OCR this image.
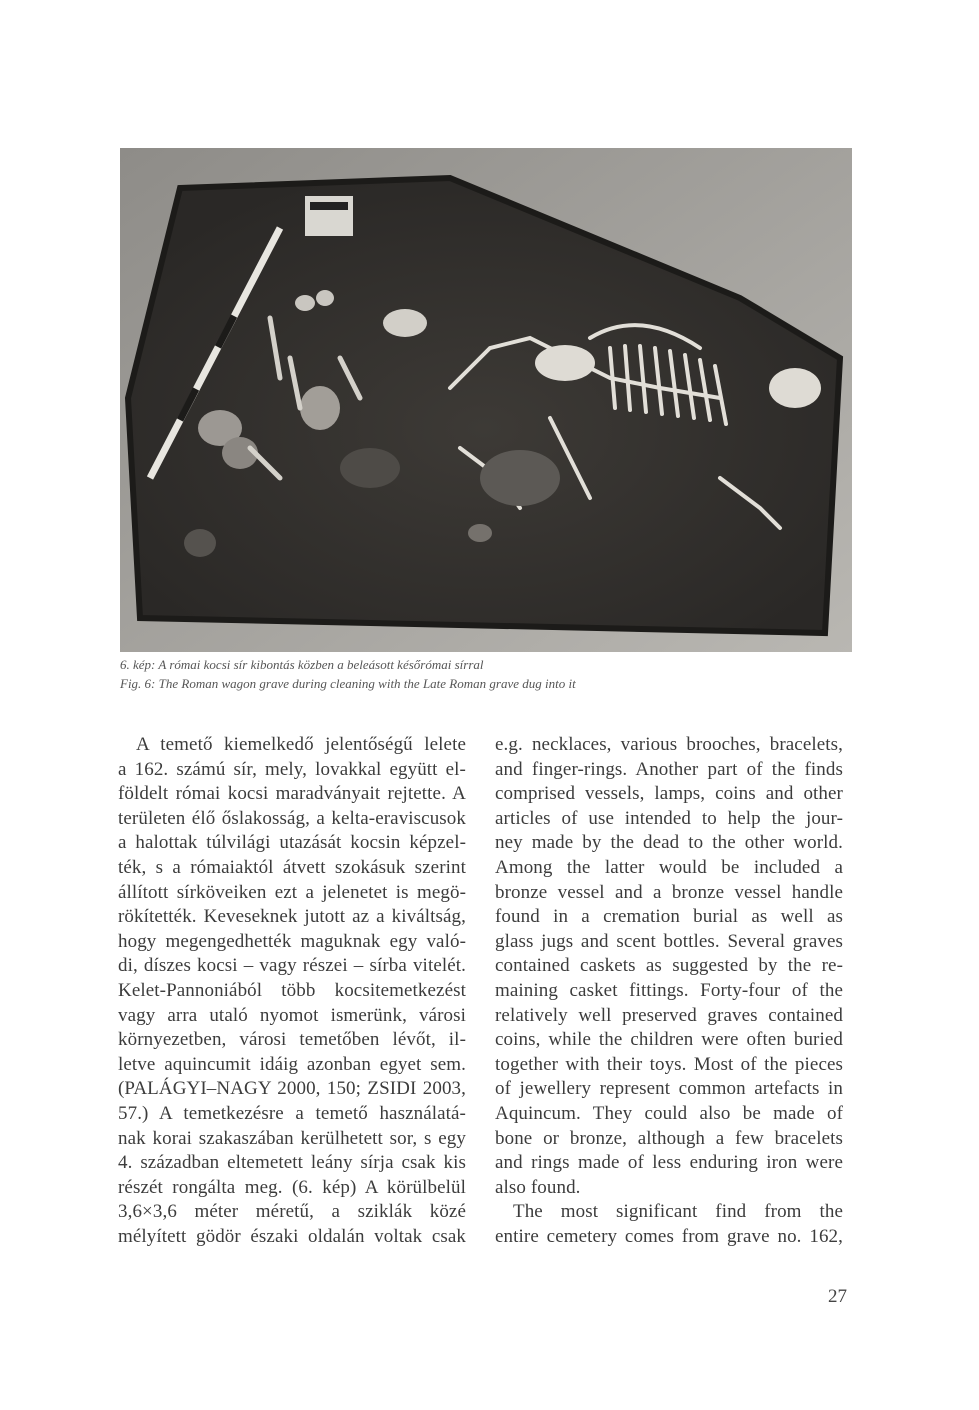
6. kép: A római kocsi sír kibontás közben a beleásott későrómai sírral
Fig. 6: The Roman wagon grave during cleaning with the Late Roman grave dug into it
A temető kiemelkedő jelentőségű lelete
a 162. számú sír, mely, lovakkal együtt el-
földelt római kocsi maradványait rejtette. A
területen élő őslakosság, a kelta-eraviscusok
a halottak túlvilági utazását kocsin képzel-
ték, s a rómaiaktól átvett szokásuk szerint
állított sírköveiken ezt a jelenetet is megö-
rökítették. Keveseknek jutott az a kiváltság,
hogy megengedhették maguknak egy való-
di, díszes kocsi – vagy részei – sírba vitelét.
Kelet-Pannoniából több kocsitemetkezést
vagy arra utaló nyomot ismerünk, városi
környezetben, városi temetőben lévőt, il-
letve aquincumit idáig azonban egyet sem.
(PALÁGYI–NAGY 2000, 150; ZSIDI 2003,
57.) A temetkezésre a temető használatá-
nak korai szakaszában kerülhetett sor, s egy
4. században eltemetett leány sírja csak kis
részét rongálta meg. (6. kép) A körülbelül
3,6×3,6 méter méretű, a sziklák közé
mélyített gödör északi oldalán voltak csak
e.g. necklaces, various brooches, bracelets,
and finger-rings. Another part of the finds
comprised vessels, lamps, coins and other
articles of use intended to help the jour-
ney made by the dead to the other world.
Among the latter would be included a
bronze vessel and a bronze vessel handle
found in a cremation burial as well as
glass jugs and scent bottles. Several graves
contained caskets as suggested by the re-
maining casket fittings. Forty-four of the
relatively well preserved graves contained
coins, while the children were often buried
together with their toys. Most of the pieces
of jewellery represent common artefacts in
Aquincum. They could also be made of
bone or bronze, although a few bracelets
and rings made of less enduring iron were
also found.
The most significant find from the
entire cemetery comes from grave no. 162,
27
